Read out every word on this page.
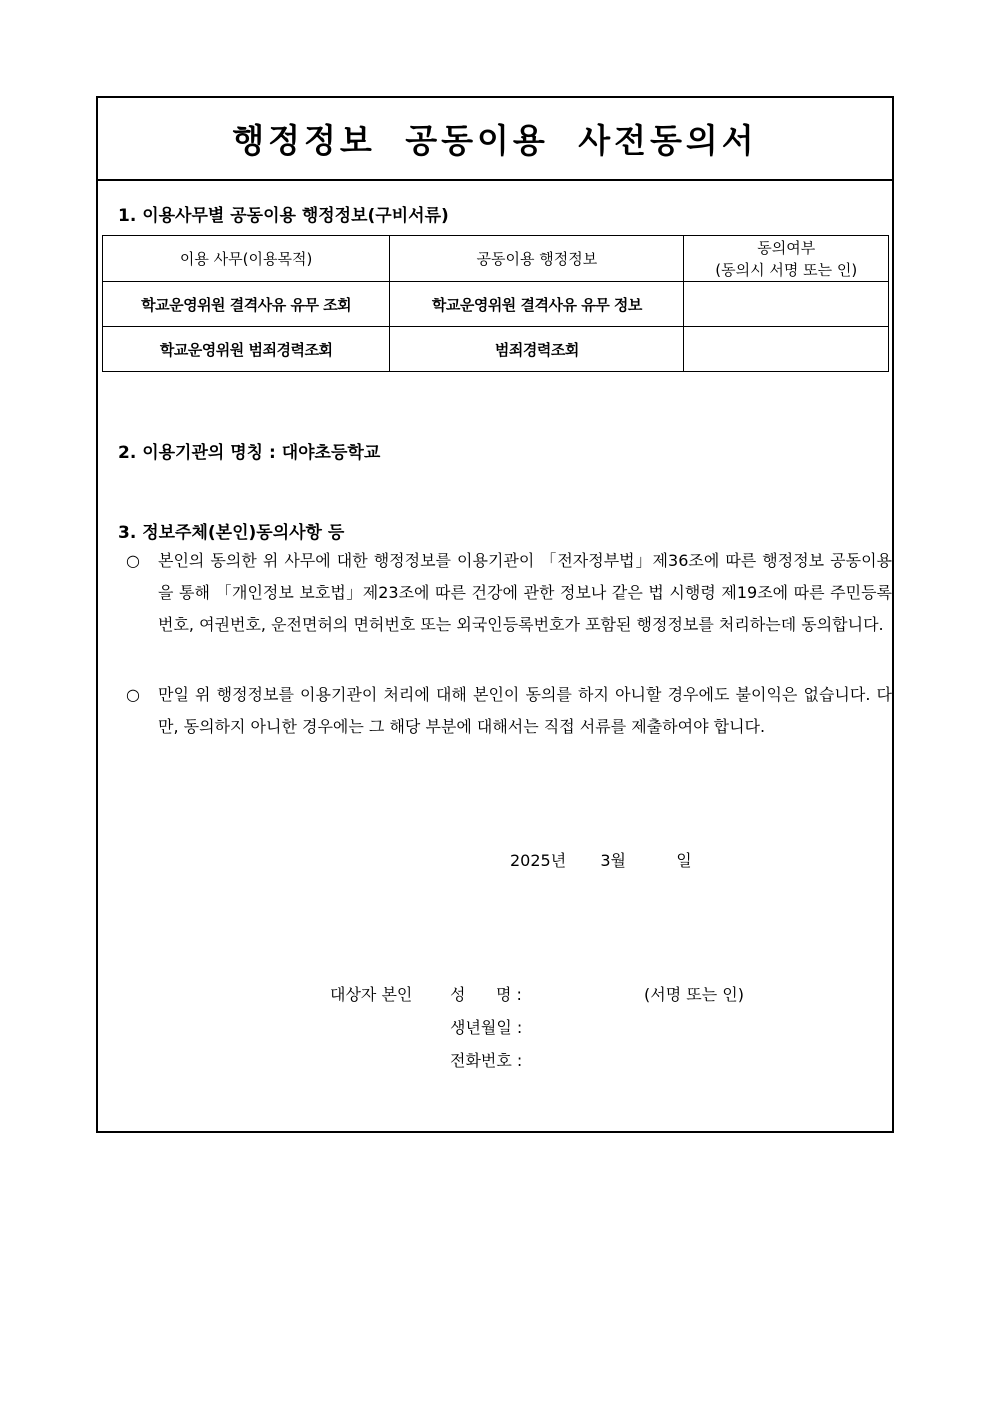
행정정보 공동이용 사전동의서
1. 이용사무별 공동이용 행정정보(구비서류)
이용 사무(이용목적)	공동이용 행정정보	동의여부
(동의시 서명 또는 인)

학교운영위원 결격사유 유무 조회	학교운영위원 결격사유 유무 정보	
학교운영위원 범죄경력조회	범죄경력조회	
2. 이용기관의 명칭 : 대야초등학교
3. 정보주체(본인)동의사항 등
○	본인의 동의한 위 사무에 대한 행정정보를 이용기관이 「전자정부법」제36조에 따른 행정정보 공동이용을 통해 「개인정보 보호법」제23조에 따른 건강에 관한 정보나 같은 법 시행령 제19조에 따른 주민등록번호, 여권번호, 운전면허의 면허번호 또는 외국인등록번호가 포함된 행정정보를 처리하는데 동의합니다.
○	만일 위 행정정보를 이용기관이 처리에 대해 본인이 동의를 하지 아니할 경우에도 불이익은 없습니다. 다만, 동의하지 아니한 경우에는 그 해당 부분에 대해서는 직접 서류를 제출하여야 합니다.
2025년 3월	일
대상자 본인 성      명 :	(서명 또는 인)
생년월일 :
전화번호 :
